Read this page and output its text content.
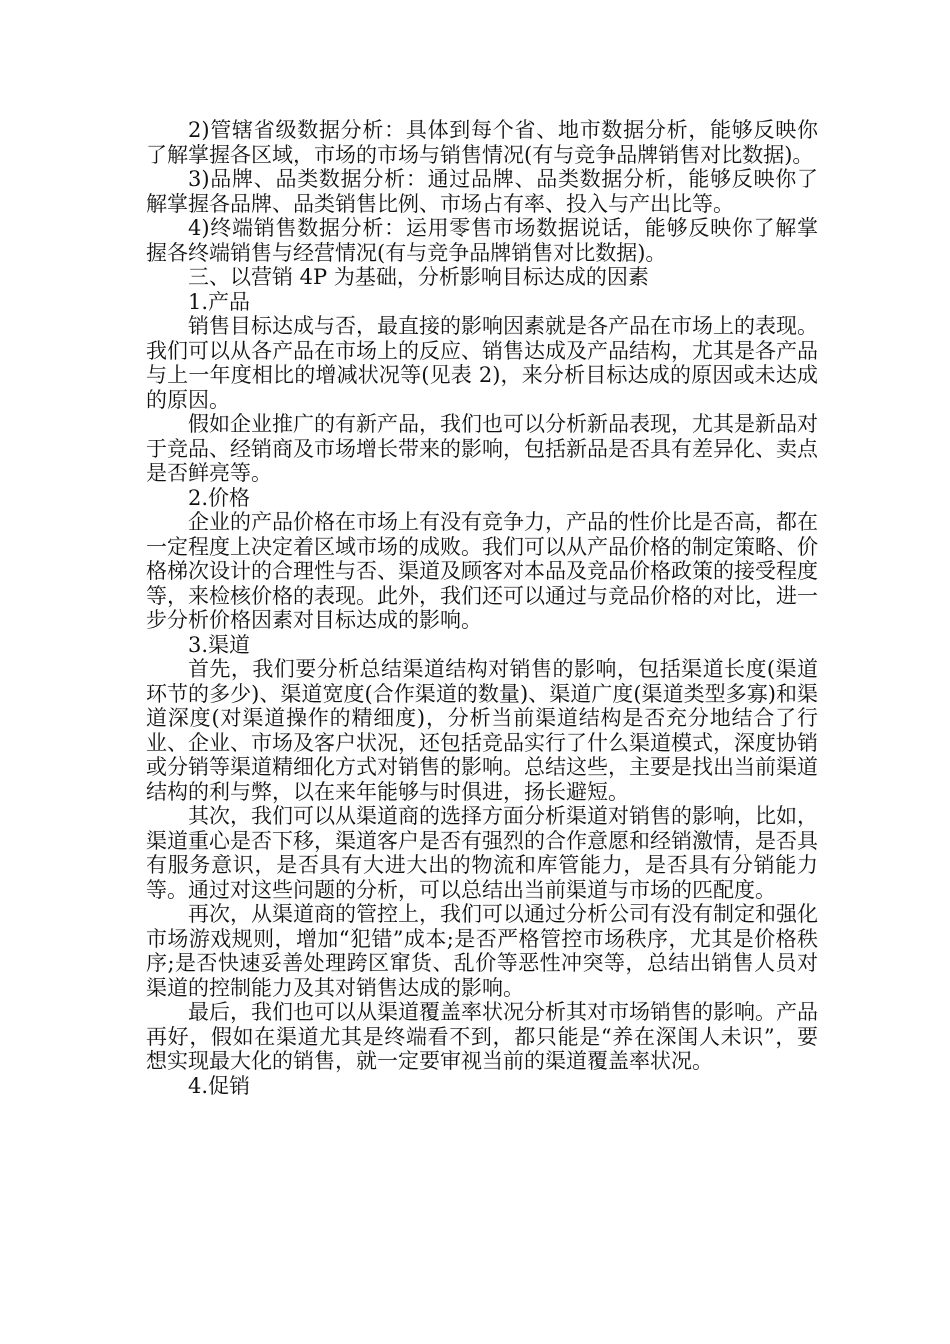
2)管辖省级数据分析：具体到每个省、地市数据分析，能够反映你了解掌握各区域，市场的市场与销售情况(有与竞争品牌销售对比数据)。

3)品牌、品类数据分析：通过品牌、品类数据分析，能够反映你了解掌握各品牌、品类销售比例、市场占有率、投入与产出比等。

4)终端销售数据分析：运用零售市场数据说话，能够反映你了解掌握各终端销售与经营情况(有与竞争品牌销售对比数据)。

三、以营销 4P 为基础，分析影响目标达成的因素

1.产品

销售目标达成与否，最直接的影响因素就是各产品在市场上的表现。我们可以从各产品在市场上的反应、销售达成及产品结构，尤其是各产品与上一年度相比的增减状况等(见表 2)，来分析目标达成的原因或未达成的原因。

假如企业推广的有新产品，我们也可以分析新品表现，尤其是新品对于竞品、经销商及市场增长带来的影响，包括新品是否具有差异化、卖点是否鲜亮等。

2.价格

企业的产品价格在市场上有没有竞争力，产品的性价比是否高，都在一定程度上决定着区域市场的成败。我们可以从产品价格的制定策略、价格梯次设计的合理性与否、渠道及顾客对本品及竞品价格政策的接受程度等，来检核价格的表现。此外，我们还可以通过与竞品价格的对比，进一步分析价格因素对目标达成的影响。

3.渠道

首先，我们要分析总结渠道结构对销售的影响，包括渠道长度(渠道环节的多少)、渠道宽度(合作渠道的数量)、渠道广度(渠道类型多寡)和渠道深度(对渠道操作的精细度)，分析当前渠道结构是否充分地结合了行业、企业、市场及客户状况，还包括竞品实行了什么渠道模式，深度协销或分销等渠道精细化方式对销售的影响。总结这些，主要是找出当前渠道结构的利与弊，以在来年能够与时俱进，扬长避短。

其次，我们可以从渠道商的选择方面分析渠道对销售的影响，比如，渠道重心是否下移，渠道客户是否有强烈的合作意愿和经销激情，是否具有服务意识，是否具有大进大出的物流和库管能力，是否具有分销能力等。通过对这些问题的分析，可以总结出当前渠道与市场的匹配度。

再次，从渠道商的管控上，我们可以通过分析公司有没有制定和强化市场游戏规则，增加“犯错”成本;是否严格管控市场秩序，尤其是价格秩序;是否快速妥善处理跨区窜货、乱价等恶性冲突等，总结出销售人员对渠道的控制能力及其对销售达成的影响。

最后，我们也可以从渠道覆盖率状况分析其对市场销售的影响。产品再好，假如在渠道尤其是终端看不到，都只能是“养在深闺人未识”，要想实现最大化的销售，就一定要审视当前的渠道覆盖率状况。

4.促销
